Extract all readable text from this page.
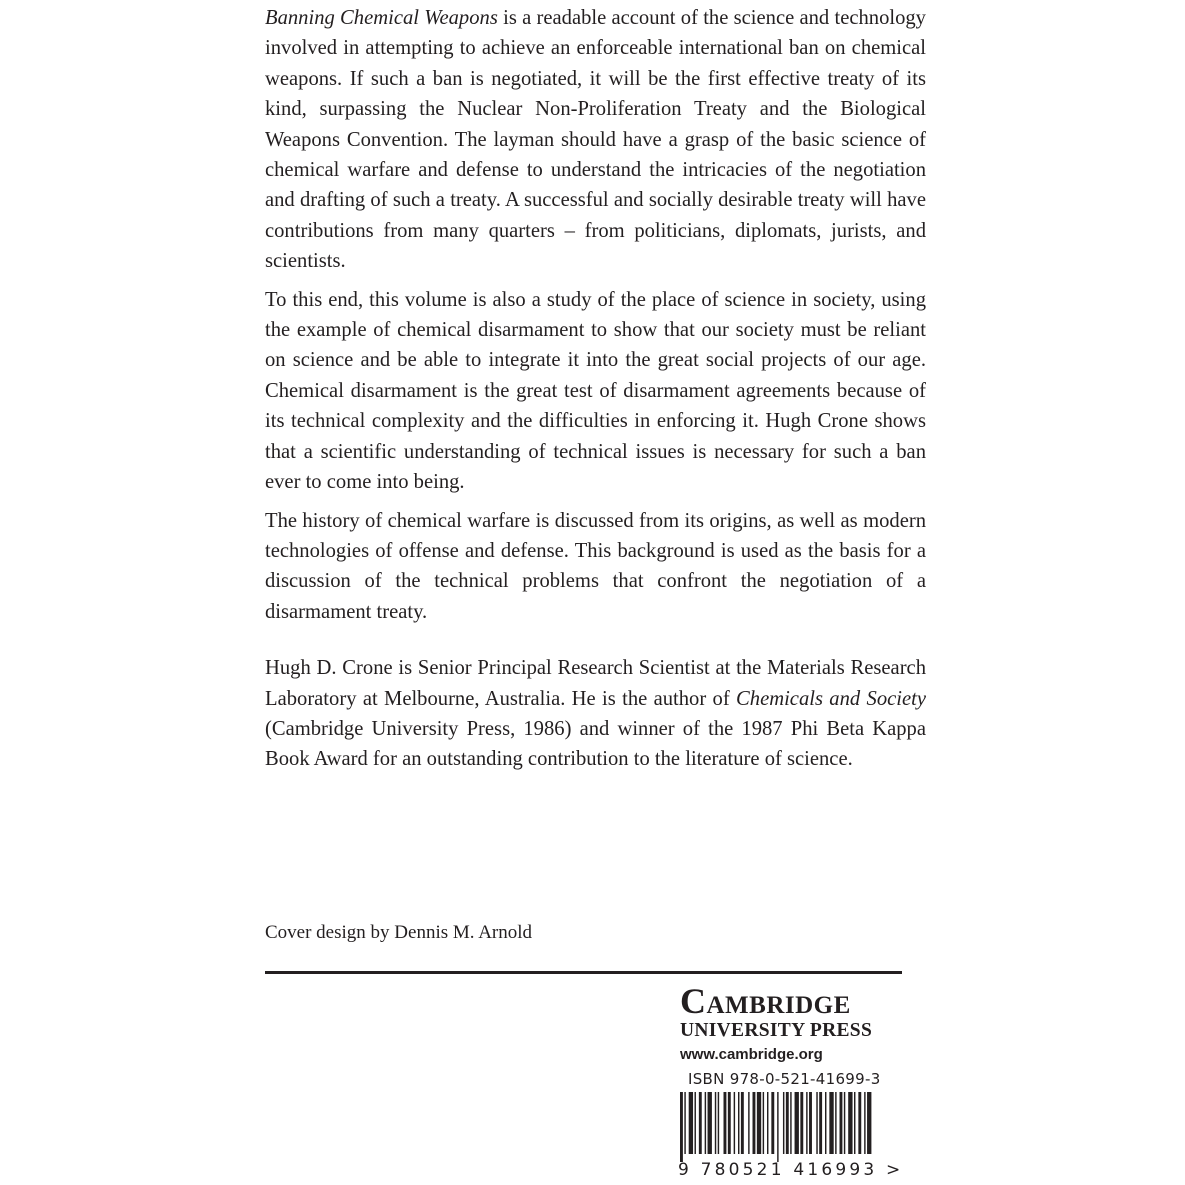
Banning Chemical Weapons is a readable account of the science and technology involved in attempting to achieve an enforceable international ban on chemical weapons. If such a ban is negotiated, it will be the first effective treaty of its kind, surpassing the Nuclear Non-Proliferation Treaty and the Biological Weapons Convention. The layman should have a grasp of the basic science of chemical warfare and defense to understand the intricacies of the negotiation and drafting of such a treaty. A successful and socially desirable treaty will have contributions from many quarters – from politicians, diplomats, jurists, and scientists.

To this end, this volume is also a study of the place of science in society, using the example of chemical disarmament to show that our society must be reliant on science and be able to integrate it into the great social projects of our age. Chemical disarmament is the great test of disarmament agreements because of its technical complexity and the difficulties in enforcing it. Hugh Crone shows that a scientific understanding of technical issues is necessary for such a ban ever to come into being.

The history of chemical warfare is discussed from its origins, as well as modern technologies of offense and defense. This background is used as the basis for a discussion of the technical problems that confront the negotiation of a disarmament treaty.

Hugh D. Crone is Senior Principal Research Scientist at the Materials Research Laboratory at Melbourne, Australia. He is the author of Chemicals and Society (Cambridge University Press, 1986) and winner of the 1987 Phi Beta Kappa Book Award for an outstanding contribution to the literature of science.

Cover design by Dennis M. Arnold
Cambridge
UNIVERSITY PRESS
www.cambridge.org
ISBN 978-0-521-41699-3
9 780521 416993 >
